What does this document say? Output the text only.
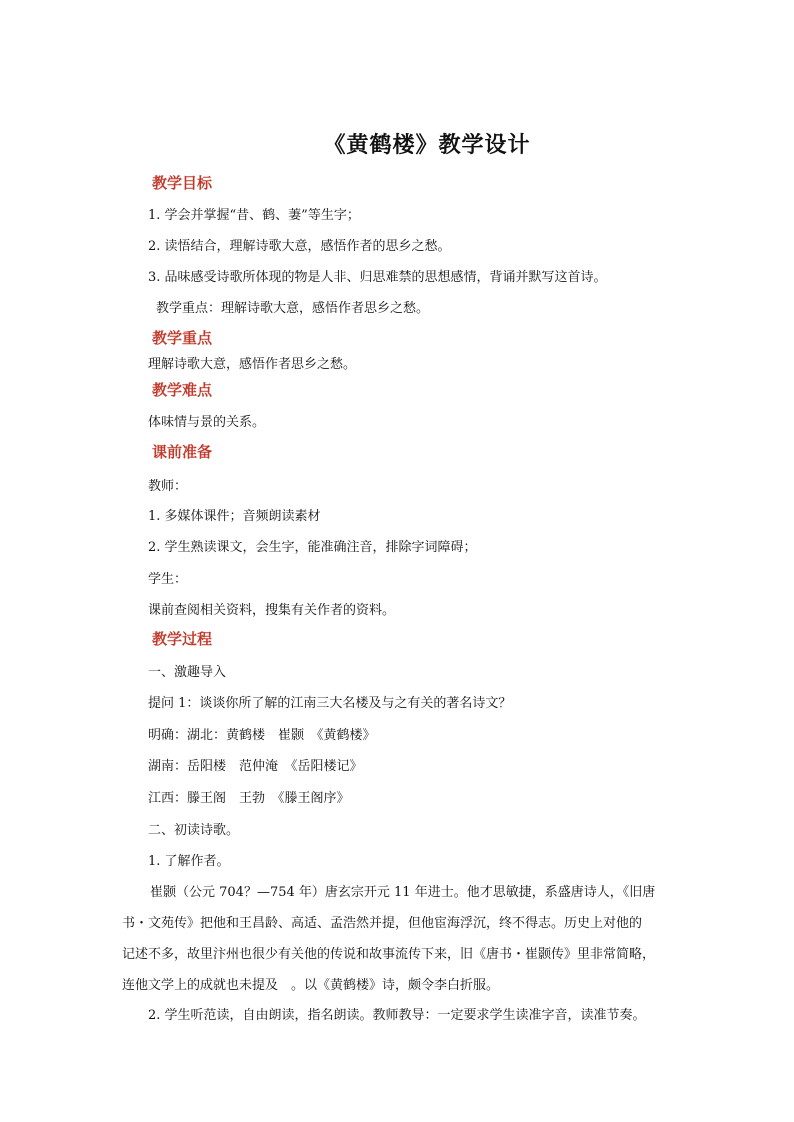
《黄鹤楼》教学设计
教学目标
1. 学会并掌握“昔、鹤、萋”等生字；
2. 读悟结合，理解诗歌大意，感悟作者的思乡之愁。
3. 品味感受诗歌所体现的物是人非、归思难禁的思想感情，背诵并默写这首诗。
教学重点：理解诗歌大意，感悟作者思乡之愁。
教学重点
理解诗歌大意，感悟作者思乡之愁。
教学难点
体味情与景的关系。
课前准备
教师：
1. 多媒体课件；音频朗读素材
2. 学生熟读课文，会生字，能准确注音，排除字词障碍；
学生：
课前查阅相关资料，搜集有关作者的资料。
教学过程
一、激趣导入
提问 1：谈谈你所了解的江南三大名楼及与之有关的著名诗文？
明确：湖北：黄鹤楼　崔颢　《黄鹤楼》
湖南：岳阳楼　范仲淹　《岳阳楼记》
江西：滕王阁　王勃　《滕王阁序》
二、初读诗歌。
1. 了解作者。
崔颢（公元 704？—754 年）唐玄宗开元 11 年进士。他才思敏捷，系盛唐诗人，《旧唐
书・文苑传》把他和王昌龄、高适、孟浩然并提，但他宦海浮沉，终不得志。历史上对他的
记述不多，故里汴州也很少有关他的传说和故事流传下来，旧《唐书・崔颢传》里非常简略，
连他文学上的成就也未提及　。以《黄鹤楼》诗，颇令李白折服。
2. 学生听范读，自由朗读，指名朗读。教师教导：一定要求学生读准字音，读准节奏。
